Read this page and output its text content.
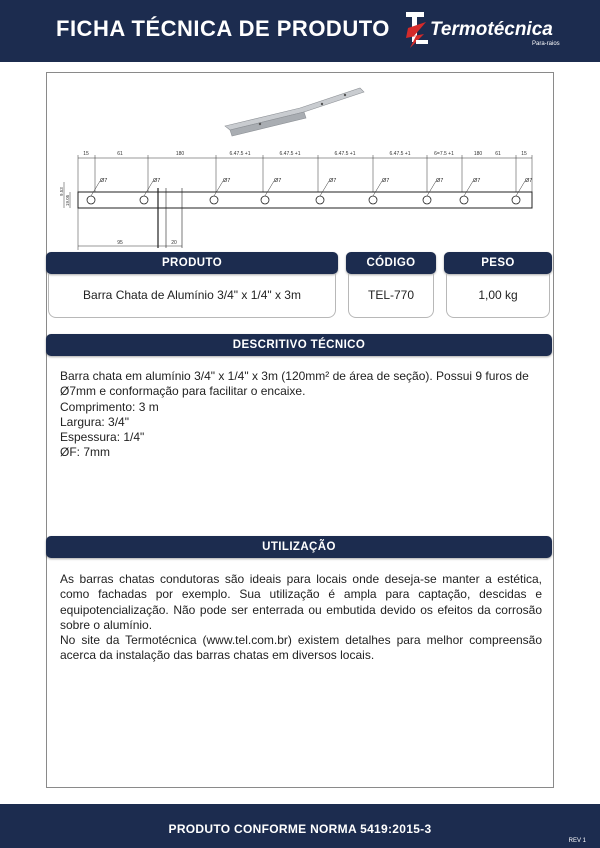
FICHA TÉCNICA DE PRODUTO Termotécnica
Para-raios
15	61	180	6.47.5 +1	6.47.5 +1	6.47.5 +1	6.47.5 +1	6=7.5 +1	180	61	15
19.05
9.53
Ø7	Ø7	Ø7	Ø7	Ø7	Ø7	Ø7	Ø7	Ø7
95	20
PRODUTO	CÓDIGO	PESO
Barra Chata de Alumínio 3/4" x 1/4" x 3m	TEL-770	1,00 kg
DESCRITIVO TÉCNICO
Barra chata em alumínio 3/4" x 1/4" x 3m (120mm² de área de seção). Possui 9 furos de
Ø7mm e conformação para facilitar o encaixe.
Comprimento: 3 m
Largura: 3/4"
Espessura: 1/4"
ØF: 7mm
UTILIZAÇÃO

As barras chatas condutoras são ideais para locais onde deseja-se manter a estética, como fachadas por exemplo. Sua utilização é ampla para captação, descidas e equipotencialização. Não pode ser enterrada ou embutida devido os efeitos da corrosão sobre o alumínio.

No site da Termotécnica (www.tel.com.br) existem detalhes para melhor compreensão acerca da instalação das barras chatas em diversos locais.

PRODUTO CONFORME NORMA 5419:2015-3
REV 1
